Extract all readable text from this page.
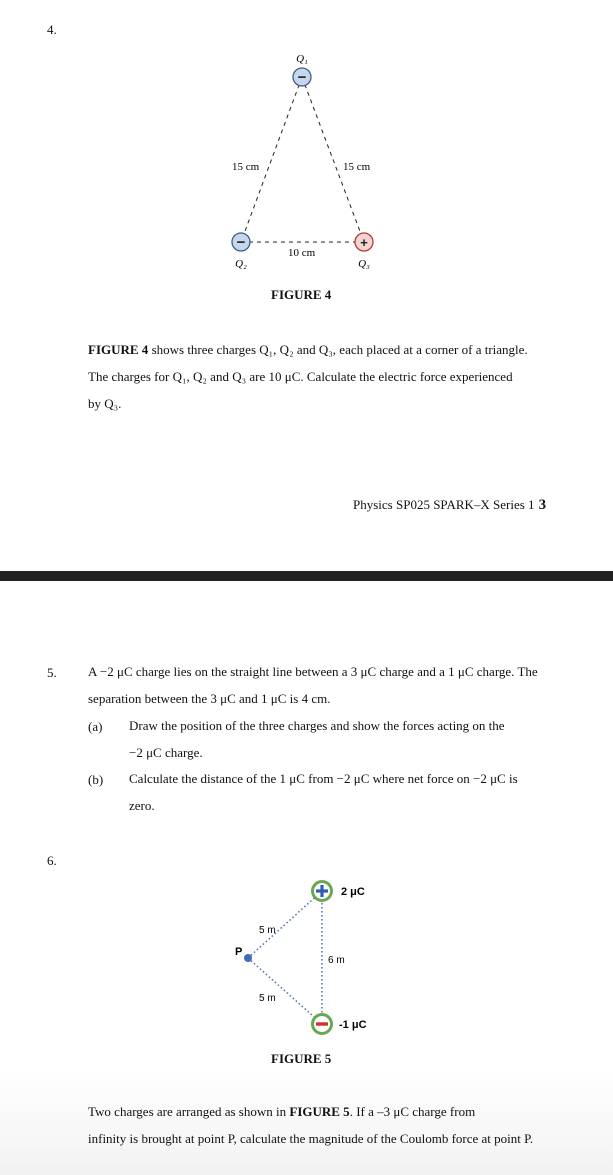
4.
−
Q₁
−
Q₂
+
Q₃
15 cm	15 cm
10 cm
FIGURE 4
FIGURE 4 shows three charges Q₁, Q₂ and Q₃, each placed at a corner of a triangle.
The charges for Q₁, Q₂ and Q₃ are 10 μC. Calculate the electric force experienced
by Q₃.
Physics SP025 SPARK–X Series 1 3
5. A −2 μC charge lies on the straight line between a 3 μC charge and a 1 μC charge. The
separation between the 3 μC and 1 μC is 4 cm.
(a) Draw the position of the three charges and show the forces acting on the
−2 μC charge.
(b) Calculate the distance of the 1 μC from −2 μC where net force on −2 μC is
zero.
6.
P
2 μC
-1 μC
5 m
5 m
6 m
FIGURE 5
Two charges are arranged as shown in FIGURE 5. If a –3 μC charge from
infinity is brought at point P, calculate the magnitude of the Coulomb force at point P.
